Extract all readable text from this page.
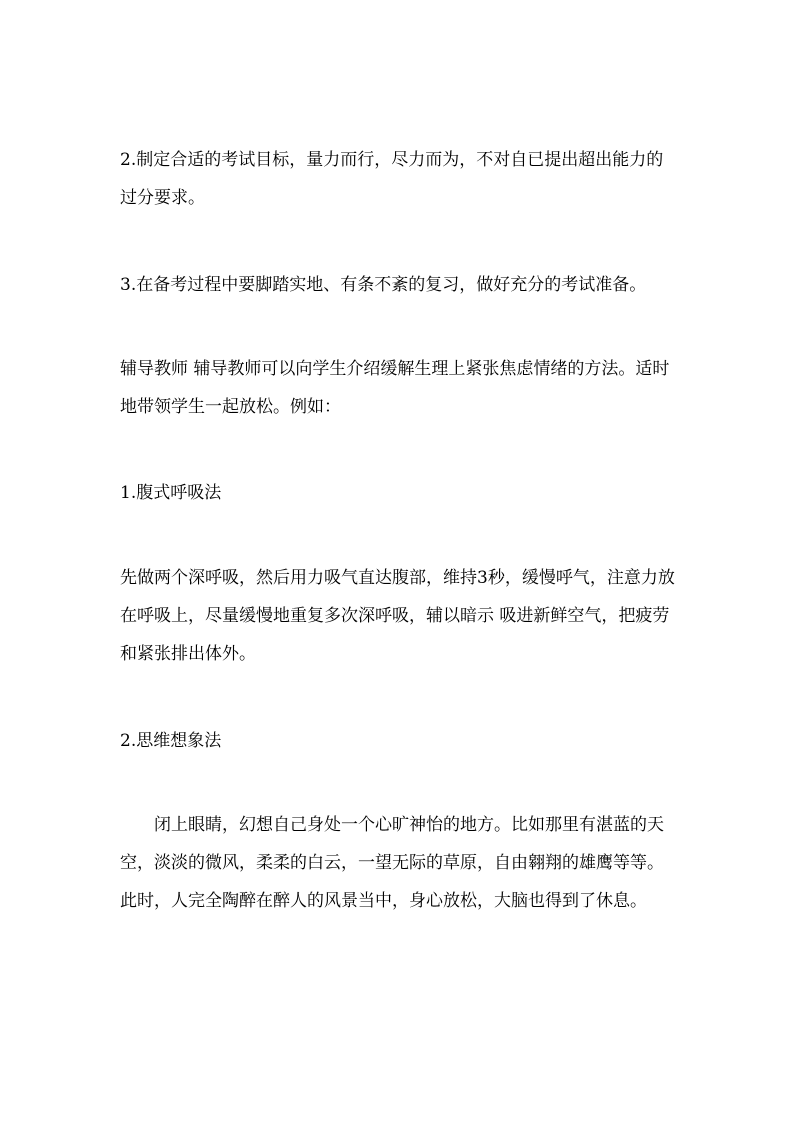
2.制定合适的考试目标，量力而行，尽力而为，不对自已提出超出能力的过分要求。

3.在备考过程中要脚踏实地、有条不紊的复习，做好充分的考试准备。

辅导教师 辅导教师可以向学生介绍缓解生理上紧张焦虑情绪的方法。适时地带领学生一起放松。例如：

1.腹式呼吸法

先做两个深呼吸，然后用力吸气直达腹部，维持3秒，缓慢呼气，注意力放在呼吸上，尽量缓慢地重复多次深呼吸，辅以暗示 吸进新鲜空气，把疲劳和紧张排出体外。

2.思维想象法

闭上眼睛，幻想自己身处一个心旷神怡的地方。比如那里有湛蓝的天空，淡淡的微风，柔柔的白云，一望无际的草原，自由翱翔的雄鹰等等。此时，人完全陶醉在醉人的风景当中，身心放松，大脑也得到了休息。
